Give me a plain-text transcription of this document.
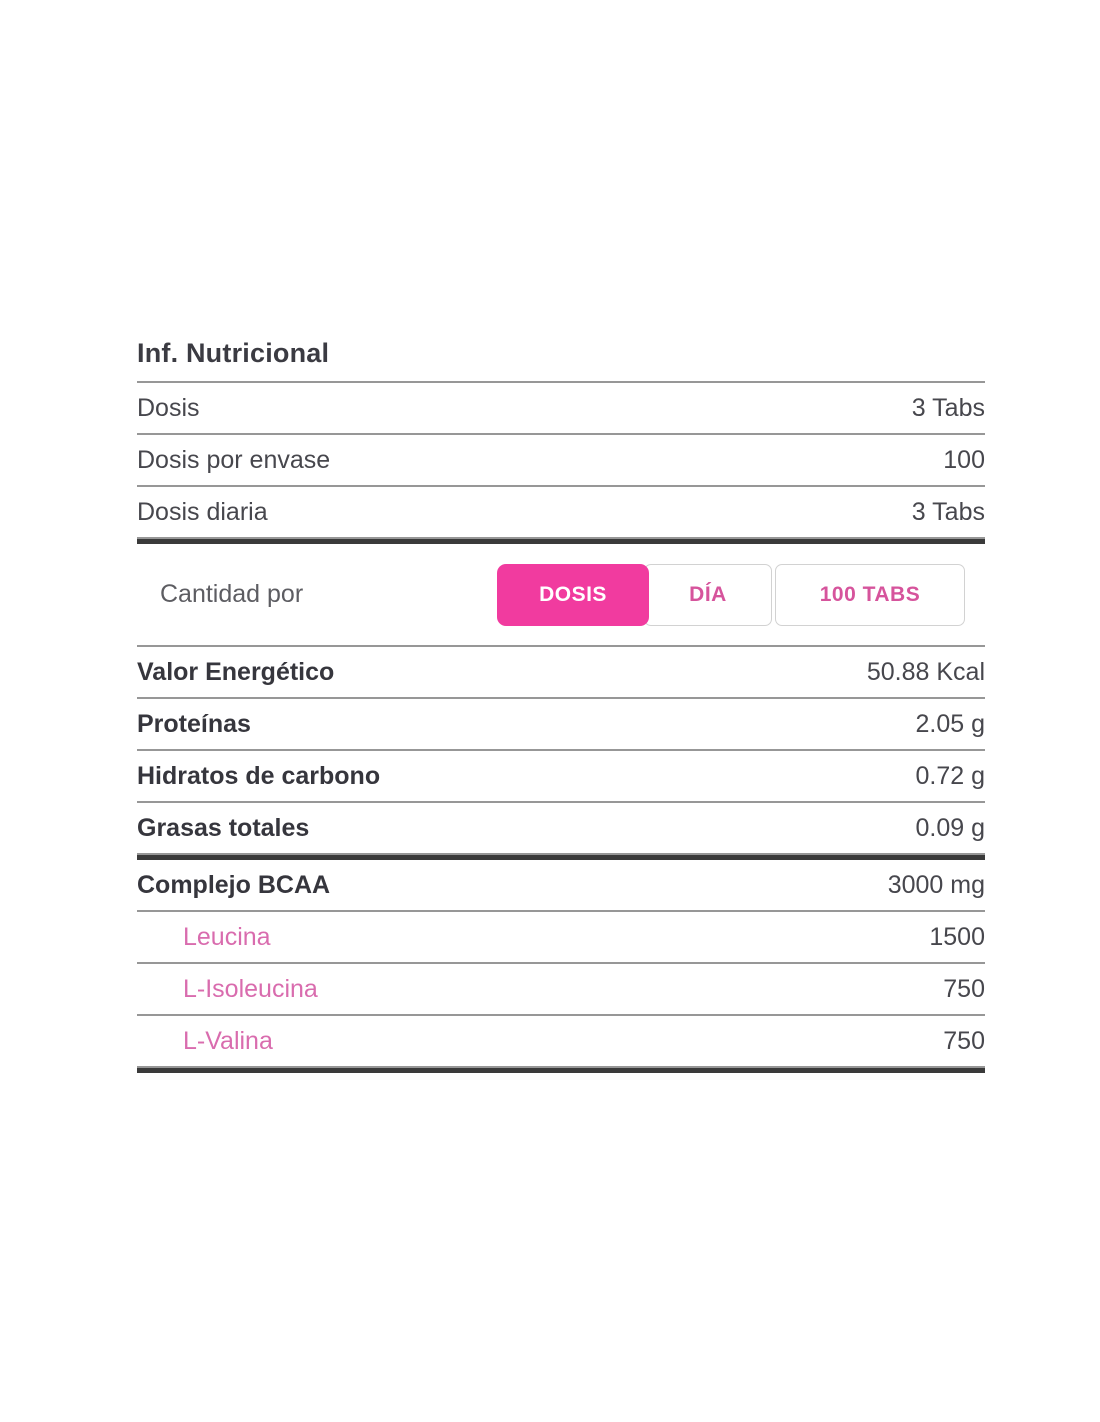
Inf. Nutricional
Dosis	3 Tabs
Dosis por envase	100
Dosis diaria	3 Tabs
Cantidad por	DOSIS	DÍA	100 TABS
Valor Energético	50.88 Kcal
Proteínas	2.05 g
Hidratos de carbono	0.72 g
Grasas totales	0.09 g
Complejo BCAA	3000 mg
Leucina	1500
L-Isoleucina	750
L-Valina	750
